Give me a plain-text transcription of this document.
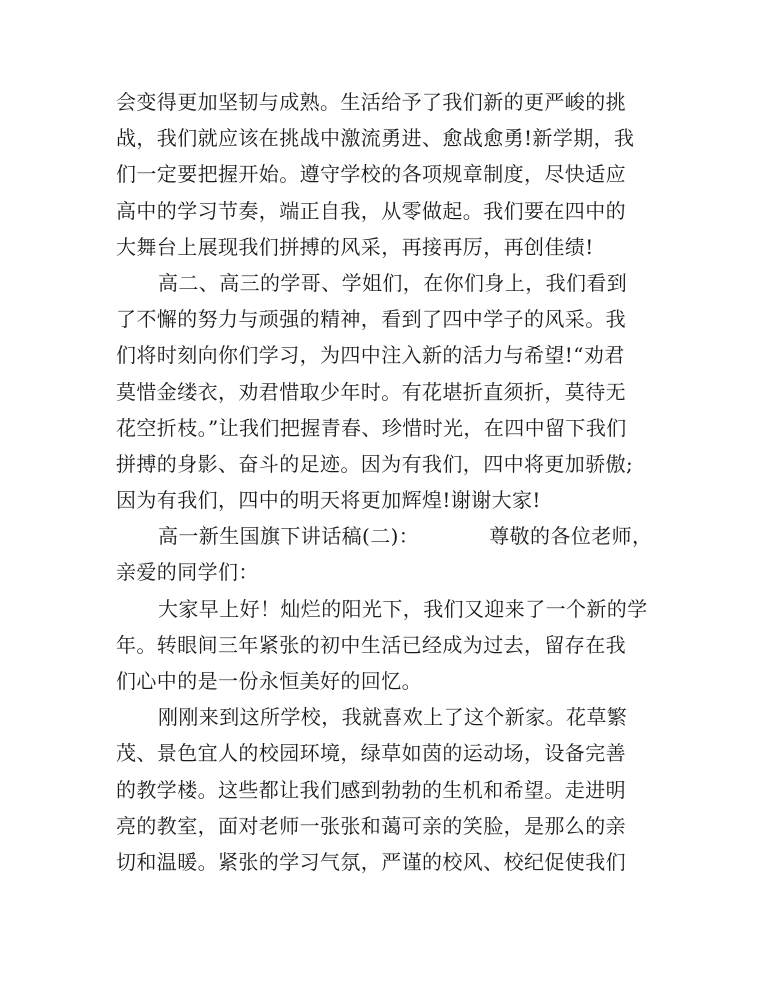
会变得更加坚韧与成熟。生活给予了我们新的更严峻的挑
战，我们就应该在挑战中激流勇进、愈战愈勇!新学期，我
们一定要把握开始。遵守学校的各项规章制度，尽快适应
高中的学习节奏，端正自我，从零做起。我们要在四中的
大舞台上展现我们拼搏的风采，再接再厉，再创佳绩!
高二、高三的学哥、学姐们，在你们身上，我们看到
了不懈的努力与顽强的精神，看到了四中学子的风采。我
们将时刻向你们学习，为四中注入新的活力与希望!“劝君
莫惜金缕衣，劝君惜取少年时。有花堪折直须折，莫待无
花空折枝。”让我们把握青春、珍惜时光，在四中留下我们
拼搏的身影、奋斗的足迹。因为有我们，四中将更加骄傲;
因为有我们，四中的明天将更加辉煌!谢谢大家!
高一新生国旗下讲话稿(二)：	尊敬的各位老师，
亲爱的同学们：
大家早上好！灿烂的阳光下，我们又迎来了一个新的学
年。转眼间三年紧张的初中生活已经成为过去，留存在我
们心中的是一份永恒美好的回忆。
刚刚来到这所学校，我就喜欢上了这个新家。花草繁
茂、景色宜人的校园环境，绿草如茵的运动场，设备完善
的教学楼。这些都让我们感到勃勃的生机和希望。走进明
亮的教室，面对老师一张张和蔼可亲的笑脸，是那么的亲
切和温暖。紧张的学习气氛，严谨的校风、校纪促使我们
